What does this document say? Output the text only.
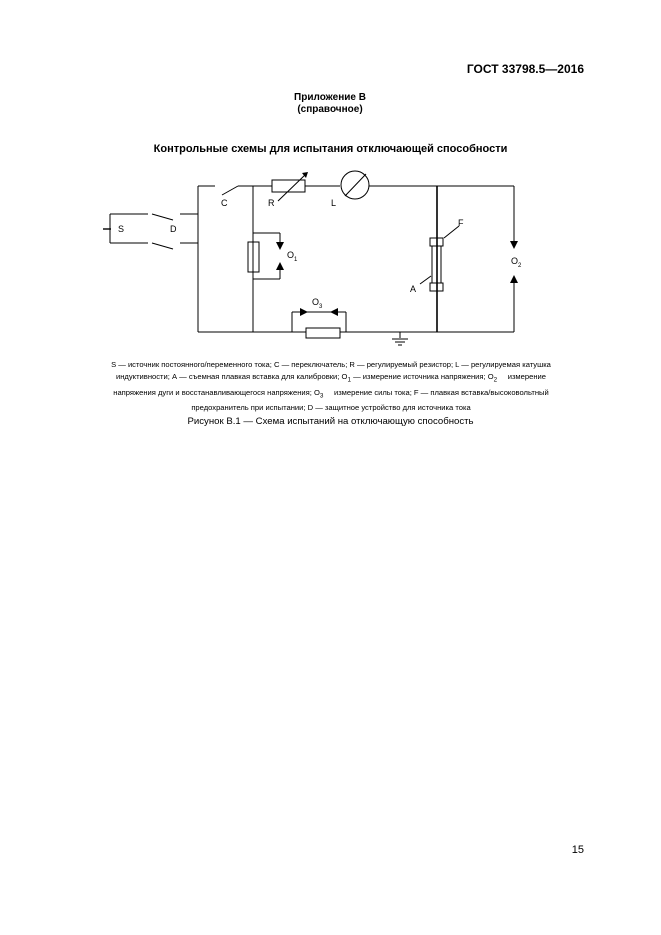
ГОСТ 33798.5—2016
Приложение В
(справочное)
Контрольные схемы для испытания отключающей способности
S	D
C	R	L
F
A
O 1	O 2
O 3
S — источник постоянного/переменного тока; С — переключатель; R — регулируемый резистор; L — регулируемая катушка
индуктивности; А — съемная плавкая вставка для калибровки; $O_1$ — измерение источника напряжения; $O_2$     измерение
напряжения дуги и восстанавливающегося напряжения; $O_3$     измерение силы тока; F — плавкая вставка/высоковольтный
предохранитель при испытании; D — защитное устройство для источника тока
Рисунок В.1 — Схема испытаний на отключающую способность
15
